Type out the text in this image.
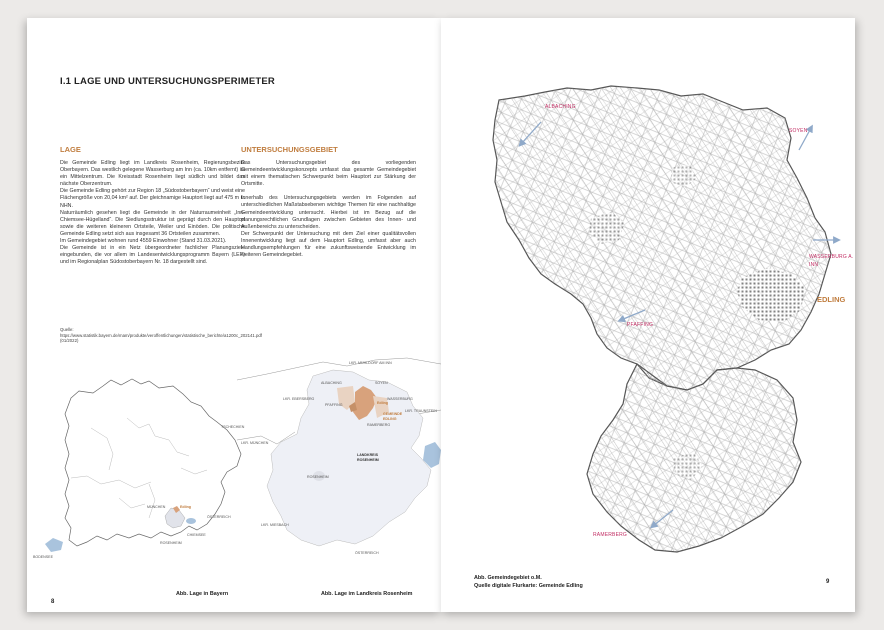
I.1 LAGE UND UNTERSUCHUNGSPERIMETER
LAGE

Die Gemeinde Edling liegt im Landkreis Rosenheim, Regierungsbezirk Oberbayern. Das westlich gelegene Wasserburg am Inn (ca. 10km entfernt) ist ein Mittelzentrum. Die Kreisstadt Rosenheim liegt südlich und bildet das nächste Oberzentrum.

Die Gemeinde Edling gehört zur Region 18 „Südostoberbayern“ und weist eine Flächengröße von 20,04 km² auf. Der gleichnamige Hauptort liegt auf 475 m ü. NHN.

Naturräumlich gesehen liegt die Gemeinde in der Naturraumeinheit „Inn-Chiemsee-Hügelland“. Die Siedlungsstruktur ist geprägt durch den Hauptort sowie die weiteren kleineren Ortsteile, Weiler und Einöden. Die politische Gemeinde Edling setzt sich aus insgesamt 36 Ortsteilen zusammen.

Im Gemeindegebiet wohnen rund 4559 Einwohner (Stand 31.03.2021).

Die Gemeinde ist in ein Netz übergeordneter fachlicher Planungsziele eingebunden, die vor allem im Landesentwicklungsprogramm Bayern (LEP) und im Regionalplan Südostoberbayern Nr. 18 dargestellt sind.

Quelle: https://www.statistik.bayern.de/mam/produkte/veroffentlichungen/statistische_berichte/a1200c_202141.pdf (01/2022)
UNTERSUCHUNGSGEBIET

Das Untersuchungsgebiet des vorliegenden Gemeindeentwicklungskonzepts umfasst das gesamte Gemeindegebiet mit einem thematischen Schwerpunkt beim Hauptort zur Stärkung der Ortsmitte.

Innerhalb des Untersuchungsgebiets werden im Folgenden auf unterschiedlichen Maßstabsebenen wichtige Themen für eine nachhaltige Gemeindeentwicklung untersucht. Hierbei ist im Bezug auf die planungsrechtlichen Grundlagen zwischen Gebieten des Innen- und Außenbereichs zu unterscheiden.

Der Schwerpunkt der Untersuchung mit dem Ziel einer qualitätsvollen Innenentwicklung liegt auf dem Hauptort Edling, umfasst aber auch Handlungsempfehlungen für eine zukunftsweisende Entwicklung im weiteren Gemeindegebiet.

TSCHECHIEN
MÜNCHEN	Edling
ROSENHEIM
CHIEMSEE
ÖSTERREICH
BODENSEE
LKR. MÜHLDORF AM INN
ALBACHING	SOYEN
LKR. EBERSBERG
PFAFFING
WASSERBURG
Edling
GEMEINDE
EDLING
RAMERBERG
LKR. TRAUNSTEIN
LKR. MÜNCHEN
LANDKREIS
ROSENHEIM
ROSENHEIM
LKR. MIESBACH
ÖSTERREICH
Abb. Lage in Bayern	Abb. Lage im Landkreis Rosenheim
8
ALBACHING
SOYEN
WASSERBURG A.
INN
EDLING
PFAFFING
RAMERBERG
Abb. Gemeindegebiet o.M.
Quelle digitale Flurkarte: Gemeinde Edling
9
